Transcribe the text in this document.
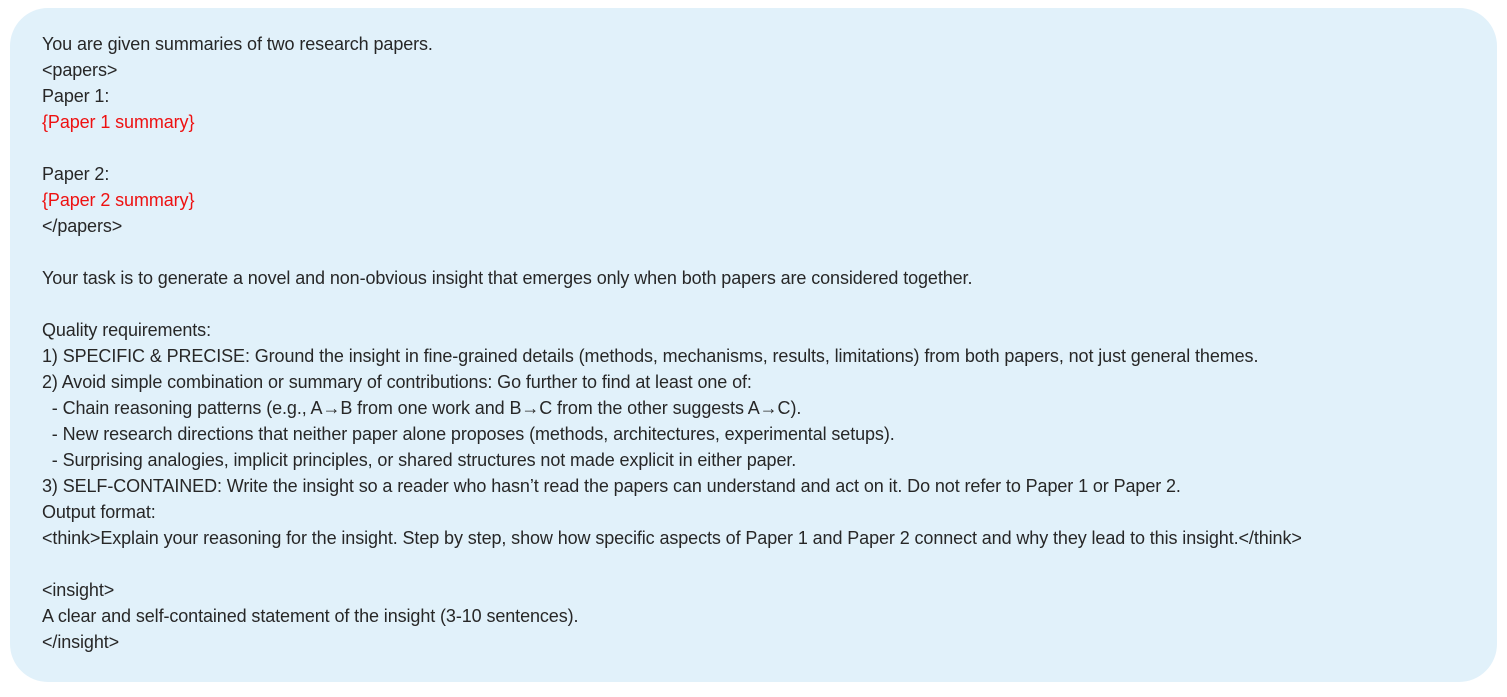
You are given summaries of two research papers.
<papers>
Paper 1:
{Paper 1 summary}

Paper 2:
{Paper 2 summary}
</papers>

Your task is to generate a novel and non-obvious insight that emerges only when both papers are considered together.

Quality requirements:
1) SPECIFIC & PRECISE: Ground the insight in fine-grained details (methods, mechanisms, results, limitations) from both papers, not just general themes.
2) Avoid simple combination or summary of contributions: Go further to find at least one of:
- Chain reasoning patterns (e.g., A→B from one work and B→C from the other suggests A→C).
- New research directions that neither paper alone proposes (methods, architectures, experimental setups).
- Surprising analogies, implicit principles, or shared structures not made explicit in either paper.
3) SELF-CONTAINED: Write the insight so a reader who hasn’t read the papers can understand and act on it. Do not refer to Paper 1 or Paper 2.
Output format:
<think>Explain your reasoning for the insight. Step by step, show how specific aspects of Paper 1 and Paper 2 connect and why they lead to this insight.</think>

<insight>
A clear and self-contained statement of the insight (3-10 sentences).
</insight>
